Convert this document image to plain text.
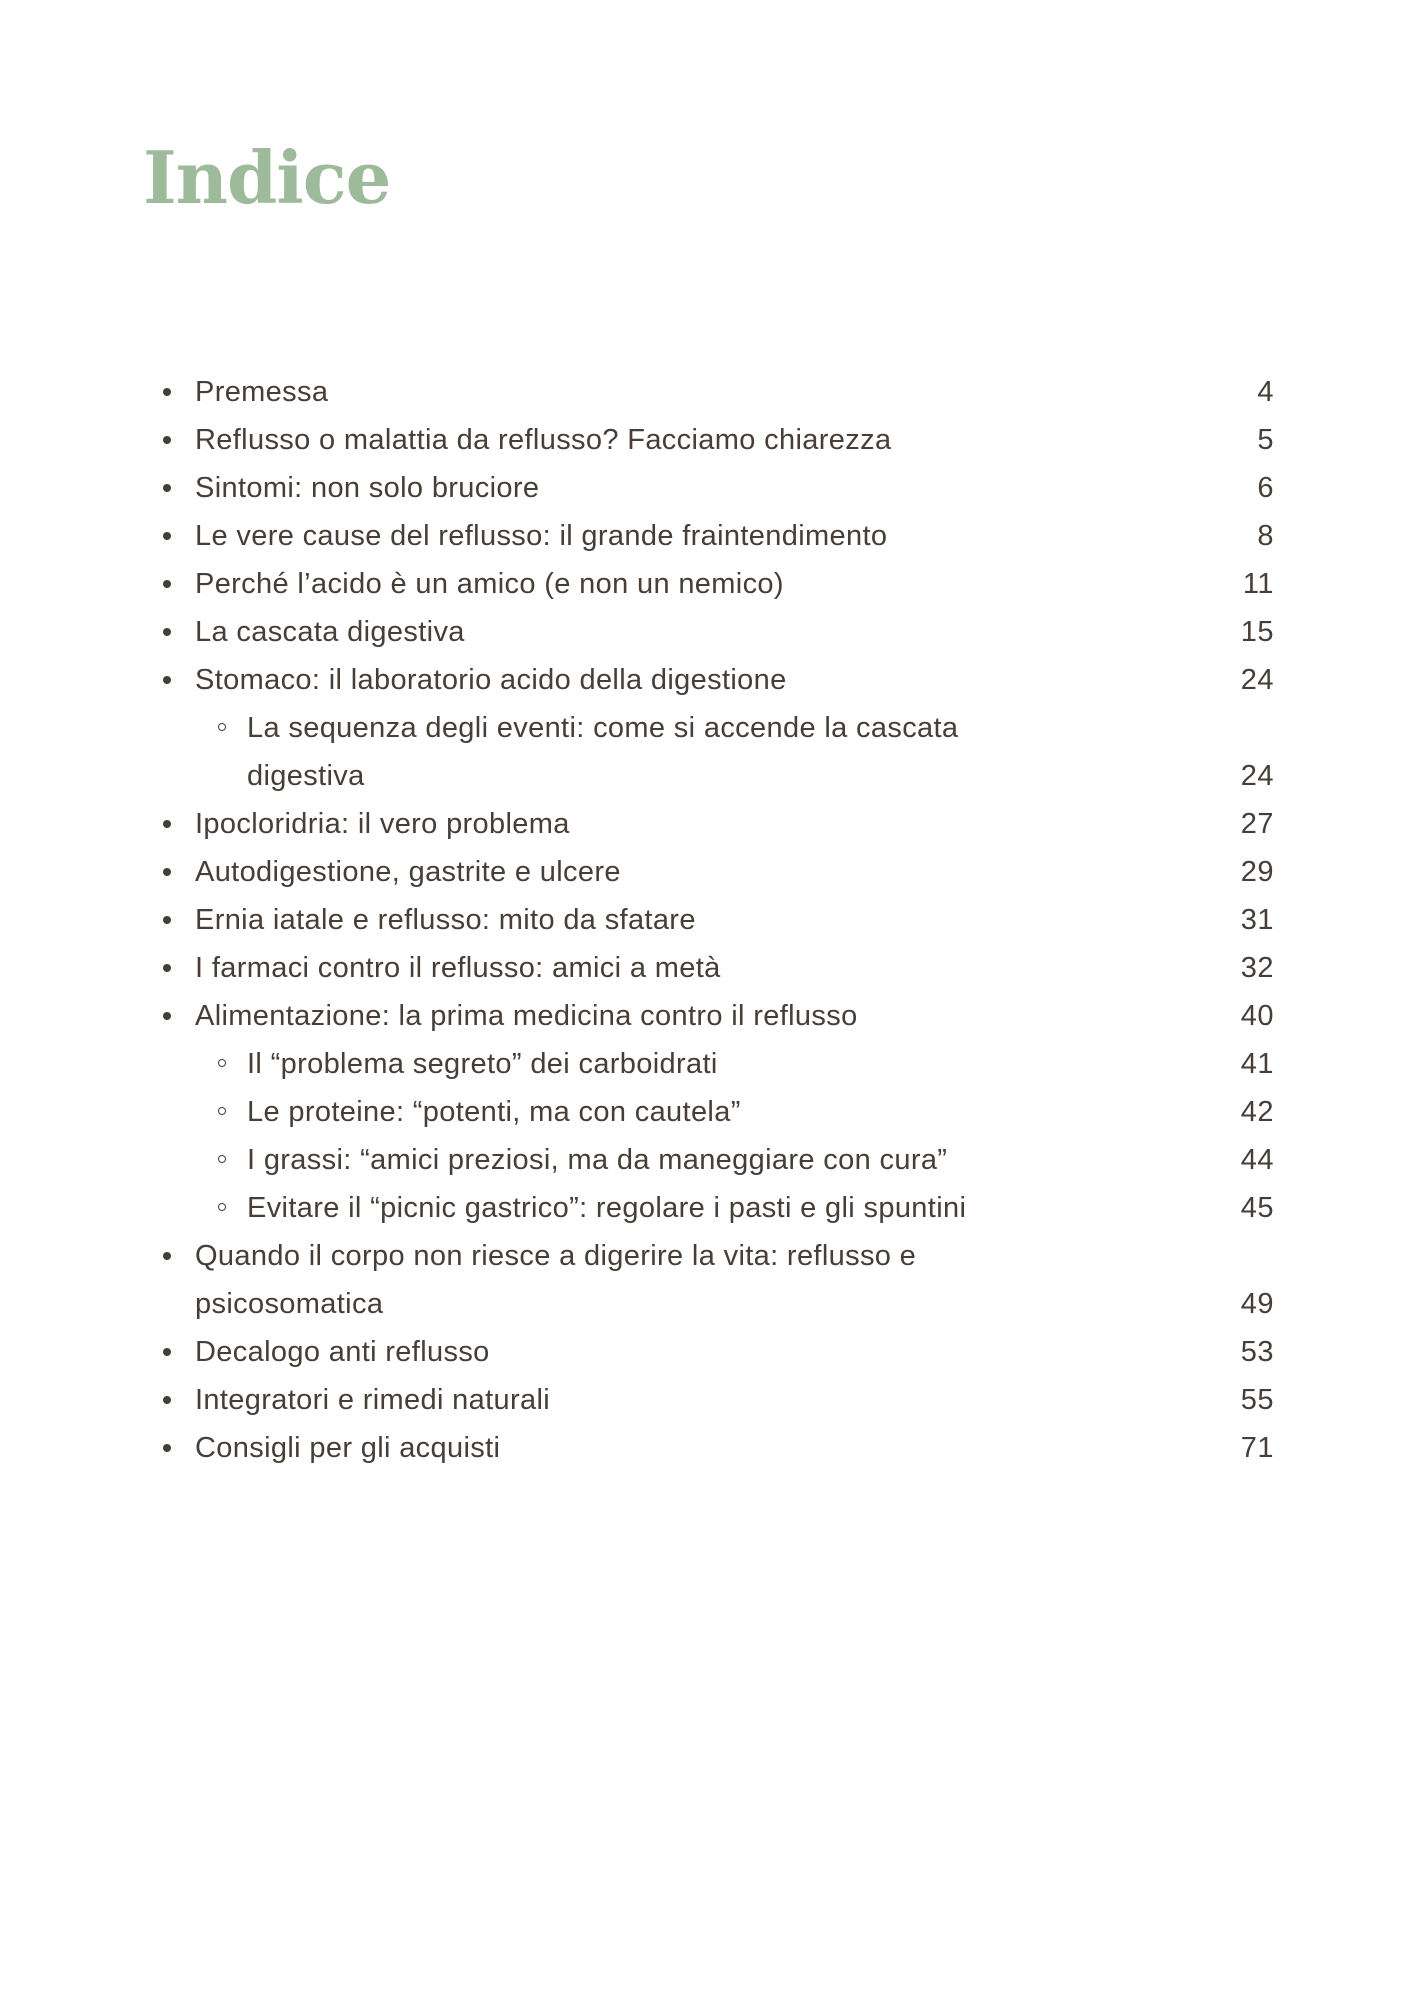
Indice
Premessa	4
Reflusso o malattia da reflusso? Facciamo chiarezza	5
Sintomi: non solo bruciore	6
Le vere cause del reflusso: il grande fraintendimento	8
Perché l’acido è un amico (e non un nemico)	11
La cascata digestiva	15
Stomaco: il laboratorio acido della digestione	24
La sequenza degli eventi: come si accende la cascata
digestiva	24
Ipocloridria: il vero problema	27
Autodigestione, gastrite e ulcere	29
Ernia iatale e reflusso: mito da sfatare	31
I farmaci contro il reflusso: amici a metà	32
Alimentazione: la prima medicina contro il reflusso	40
Il “problema segreto” dei carboidrati	41
Le proteine: “potenti, ma con cautela”	42
I grassi: “amici preziosi, ma da maneggiare con cura”	44
Evitare il “picnic gastrico”: regolare i pasti e gli spuntini	45
Quando il corpo non riesce a digerire la vita: reflusso e
psicosomatica	49
Decalogo anti reflusso	53
Integratori e rimedi naturali	55
Consigli per gli acquisti	71
